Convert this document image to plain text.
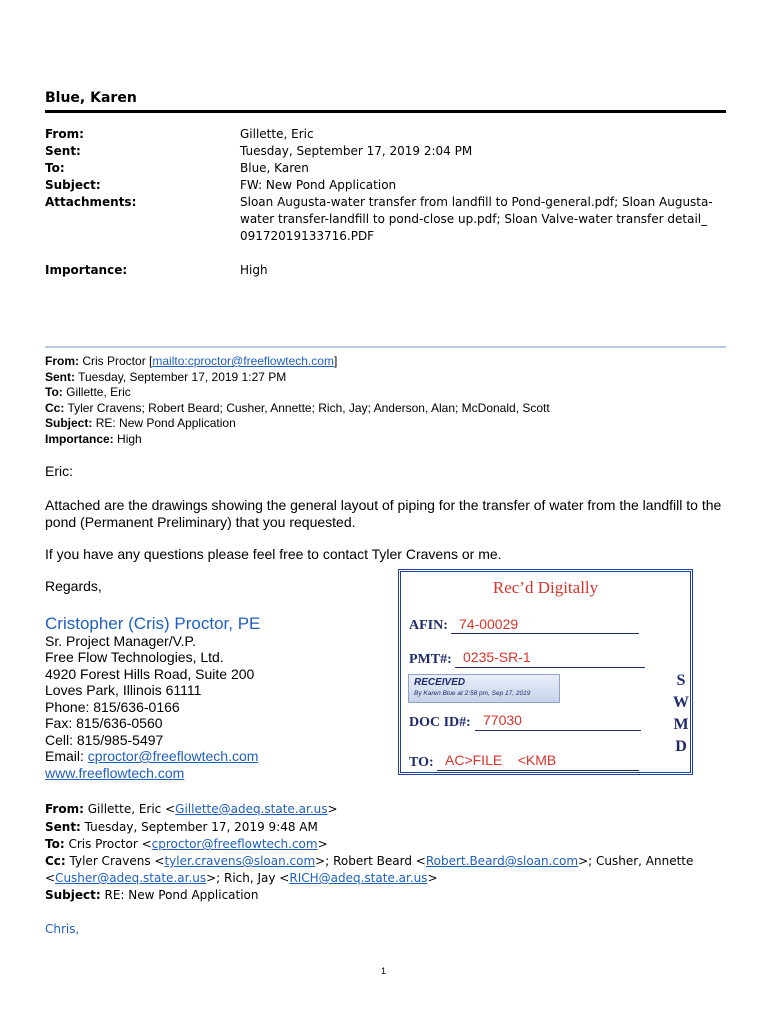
Blue, Karen
From:	Gillette, Eric
Sent:	Tuesday, September 17, 2019 2:04 PM
To:	Blue, Karen
Subject:	FW: New Pond Application
Attachments:	Sloan Augusta-water transfer from landfill to Pond-general.pdf; Sloan Augusta-water transfer-landfill to pond-close up.pdf; Sloan Valve-water transfer detail_ 09172019133716.PDF
Importance:	High
From: Cris Proctor [mailto:cproctor@freeflowtech.com]
Sent: Tuesday, September 17, 2019 1:27 PM
To: Gillette, Eric
Cc: Tyler Cravens; Robert Beard; Cusher, Annette; Rich, Jay; Anderson, Alan; McDonald, Scott
Subject: RE: New Pond Application
Importance: High
Eric:
Attached are the drawings showing the general layout of piping for the transfer of water from the landfill to the pond (Permanent Preliminary) that you requested.
If you have any questions please feel free to contact Tyler Cravens or me.
Regards,
Cristopher (Cris) Proctor, PE
Sr. Project Manager/V.P.
Free Flow Technologies, Ltd.
4920 Forest Hills Road, Suite 200
Loves Park, Illinois 61111
Phone: 815/636-0166
Fax: 815/636-0560
Cell: 815/985-5497
Email: cproctor@freeflowtech.com
www.freeflowtech.com
Rec’d Digitally
AFIN: 74-00029
PMT#: 0235-SR-1
RECEIVED
By Karen Blue at 2:58 pm, Sep 17, 2019
DOC ID#: 77030
TO: AC>FILE    <KMB
S
W
M
D
From: Gillette, Eric <Gillette@adeq.state.ar.us>
Sent: Tuesday, September 17, 2019 9:48 AM
To: Cris Proctor <cproctor@freeflowtech.com>
Cc: Tyler Cravens <tyler.cravens@sloan.com>; Robert Beard <Robert.Beard@sloan.com>; Cusher, Annette
<Cusher@adeq.state.ar.us>; Rich, Jay <RICH@adeq.state.ar.us>
Subject: RE: New Pond Application
Chris,
1
